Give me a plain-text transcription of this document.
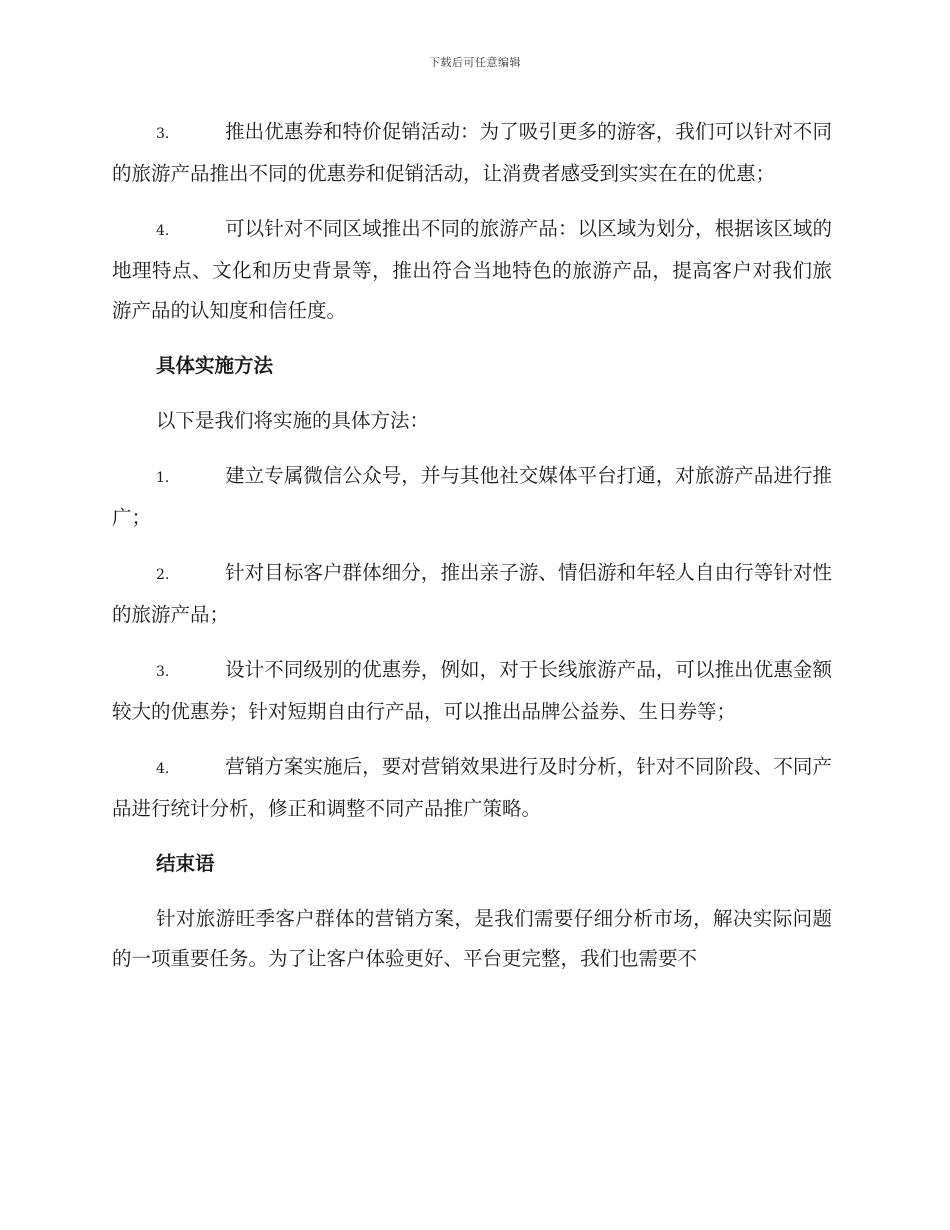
下载后可任意编辑

3.	推出优惠券和特价促销活动：为了吸引更多的游客，我们可以针对不同的旅游产品推出不同的优惠券和促销活动，让消费者感受到实实在在的优惠；

4.	可以针对不同区域推出不同的旅游产品：以区域为划分，根据该区域的地理特点、文化和历史背景等，推出符合当地特色的旅游产品，提高客户对我们旅游产品的认知度和信任度。

具体实施方法

以下是我们将实施的具体方法：

1.	建立专属微信公众号，并与其他社交媒体平台打通，对旅游产品进行推广；

2.	针对目标客户群体细分，推出亲子游、情侣游和年轻人自由行等针对性的旅游产品；

3.	设计不同级别的优惠券，例如，对于长线旅游产品，可以推出优惠金额较大的优惠券；针对短期自由行产品，可以推出品牌公益券、生日券等；

4.	营销方案实施后，要对营销效果进行及时分析，针对不同阶段、不同产品进行统计分析，修正和调整不同产品推广策略。

结束语

针对旅游旺季客户群体的营销方案，是我们需要仔细分析市场，解决实际问题的一项重要任务。为了让客户体验更好、平台更完整，我们也需要不
